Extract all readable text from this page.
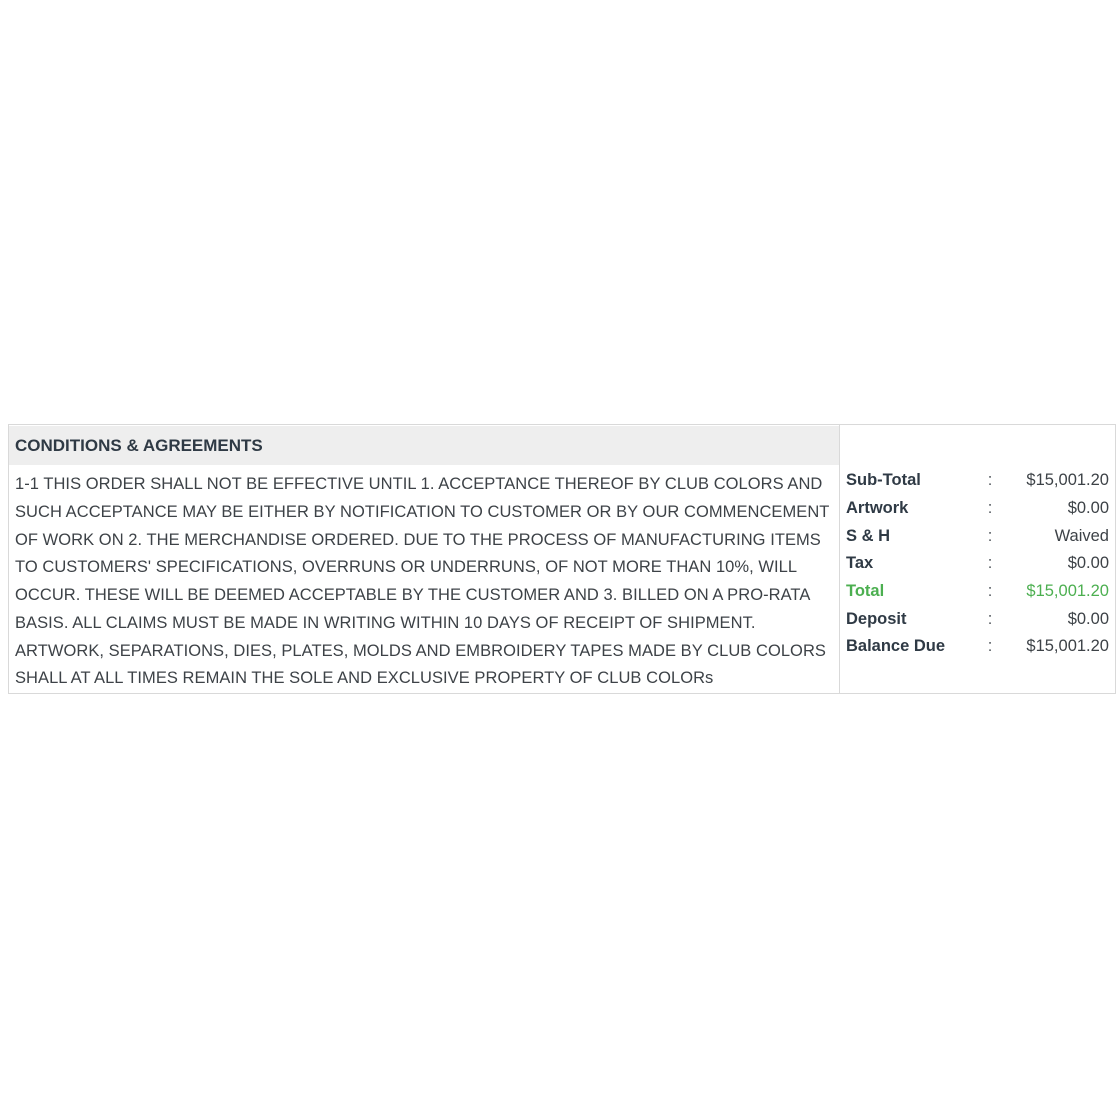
CONDITIONS & AGREEMENTS
1-1 THIS ORDER SHALL NOT BE EFFECTIVE UNTIL 1. ACCEPTANCE THEREOF BY CLUB COLORS AND SUCH ACCEPTANCE MAY BE EITHER BY NOTIFICATION TO CUSTOMER OR BY OUR COMMENCEMENT OF WORK ON 2. THE MERCHANDISE ORDERED. DUE TO THE PROCESS OF MANUFACTURING ITEMS TO CUSTOMERS' SPECIFICATIONS, OVERRUNS OR UNDERRUNS, OF NOT MORE THAN 10%, WILL OCCUR. THESE WILL BE DEEMED ACCEPTABLE BY THE CUSTOMER AND 3. BILLED ON A PRO-RATA BASIS. ALL CLAIMS MUST BE MADE IN WRITING WITHIN 10 DAYS OF RECEIPT OF SHIPMENT. ARTWORK, SEPARATIONS, DIES, PLATES, MOLDS AND EMBROIDERY TAPES MADE BY CLUB COLORS SHALL AT ALL TIMES REMAIN THE SOLE AND EXCLUSIVE PROPERTY OF CLUB COLORs
Sub-Total	:	$15,001.20
Artwork	:	$0.00
S & H	:	Waived
Tax	:	$0.00
Total	:	$15,001.20
Deposit	:	$0.00
Balance Due	:	$15,001.20
